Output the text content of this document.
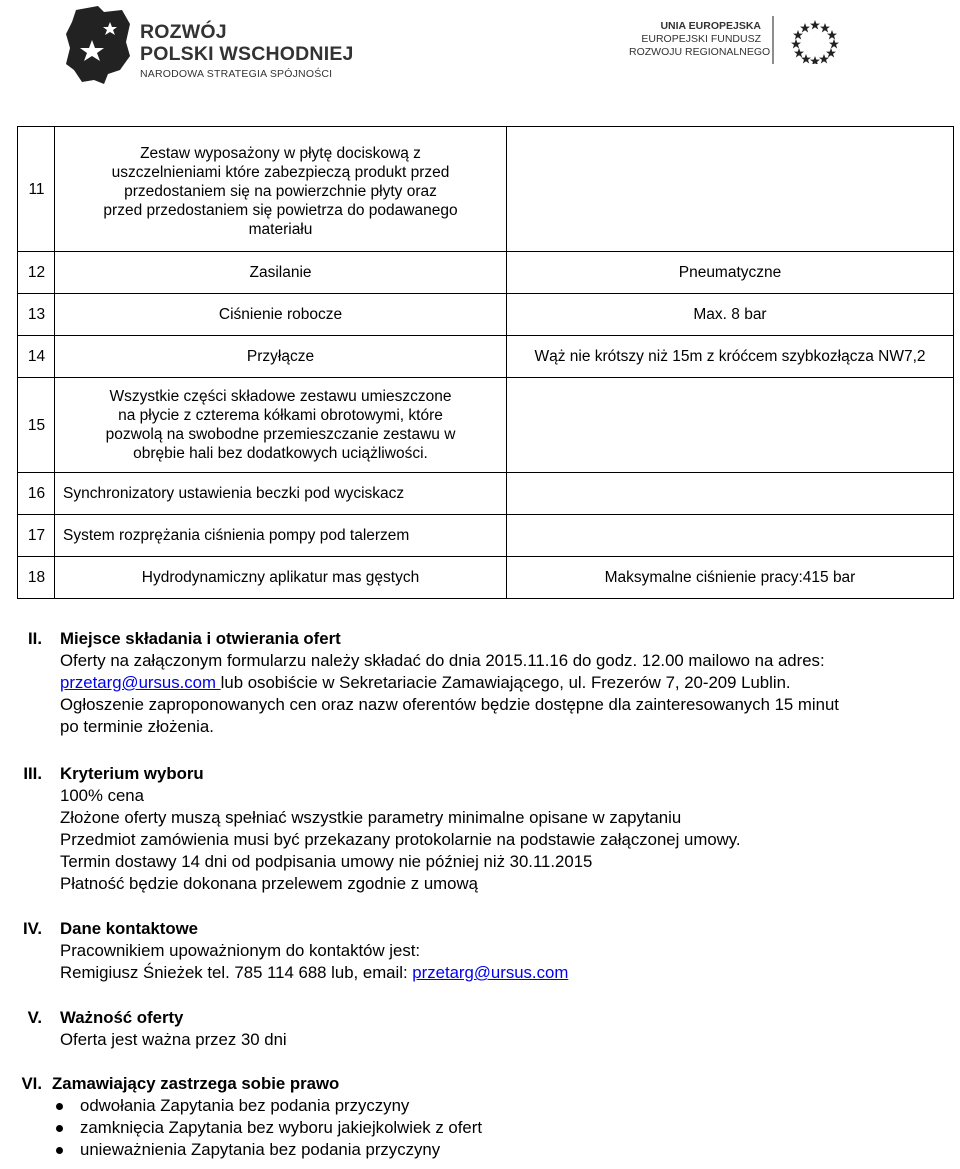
ROZWÓJ
POLSKI WSCHODNIEJ
NARODOWA STRATEGIA SPÓJNOŚCI
UNIA EUROPEJSKA
EUROPEJSKI FUNDUSZ
ROZWOJU REGIONALNEGO
11	Zestaw wyposażony w płytę dociskową z
uszczelnieniami które zabezpieczą produkt przed
przedostaniem się na powierzchnie płyty oraz
przed przedostaniem się powietrza do podawanego
materiału	

12	Zasilanie	Pneumatyczne
13	Ciśnienie robocze	Max. 8 bar
14	Przyłącze	Wąż nie krótszy niż 15m z króćcem szybkozłącza NW7,2
15	Wszystkie części składowe zestawu umieszczone
na płycie z czterema kółkami obrotowymi, które
pozwolą na swobodne przemieszczanie zestawu w
obrębie hali bez dodatkowych uciążliwości.	

16	Synchronizatory ustawienia beczki pod wyciskacz	
17	System rozprężania ciśnienia pompy pod talerzem	
18	Hydrodynamiczny aplikatur mas gęstych	Maksymalne ciśnienie pracy:415 bar
II. Miejsce składania i otwierania ofert
Oferty na załączonym formularzu należy składać do dnia 2015.11.16 do godz. 12.00 mailowo na adres:
przetarg@ursus.com lub osobiście w Sekretariacie Zamawiającego, ul. Frezerów 7, 20-209 Lublin.
Ogłoszenie zaproponowanych cen oraz nazw oferentów będzie dostępne dla zainteresowanych 15 minut
po terminie złożenia.
III. Kryterium wyboru
100% cena
Złożone oferty muszą spełniać wszystkie parametry minimalne opisane w zapytaniu
Przedmiot zamówienia musi być przekazany protokolarnie na podstawie załączonej umowy.
Termin dostawy 14 dni od podpisania umowy nie później niż 30.11.2015
Płatność będzie dokonana przelewem zgodnie z umową
IV. Dane kontaktowe
Pracownikiem upoważnionym do kontaktów jest:
Remigiusz Śnieżek tel. 785 114 688 lub, email: przetarg@ursus.com
V. Ważność oferty
Oferta jest ważna przez 30 dni
VI. Zamawiający zastrzega sobie prawo
odwołania Zapytania bez podania przyczyny
zamknięcia Zapytania bez wyboru jakiejkolwiek z ofert
unieważnienia Zapytania bez podania przyczyny
